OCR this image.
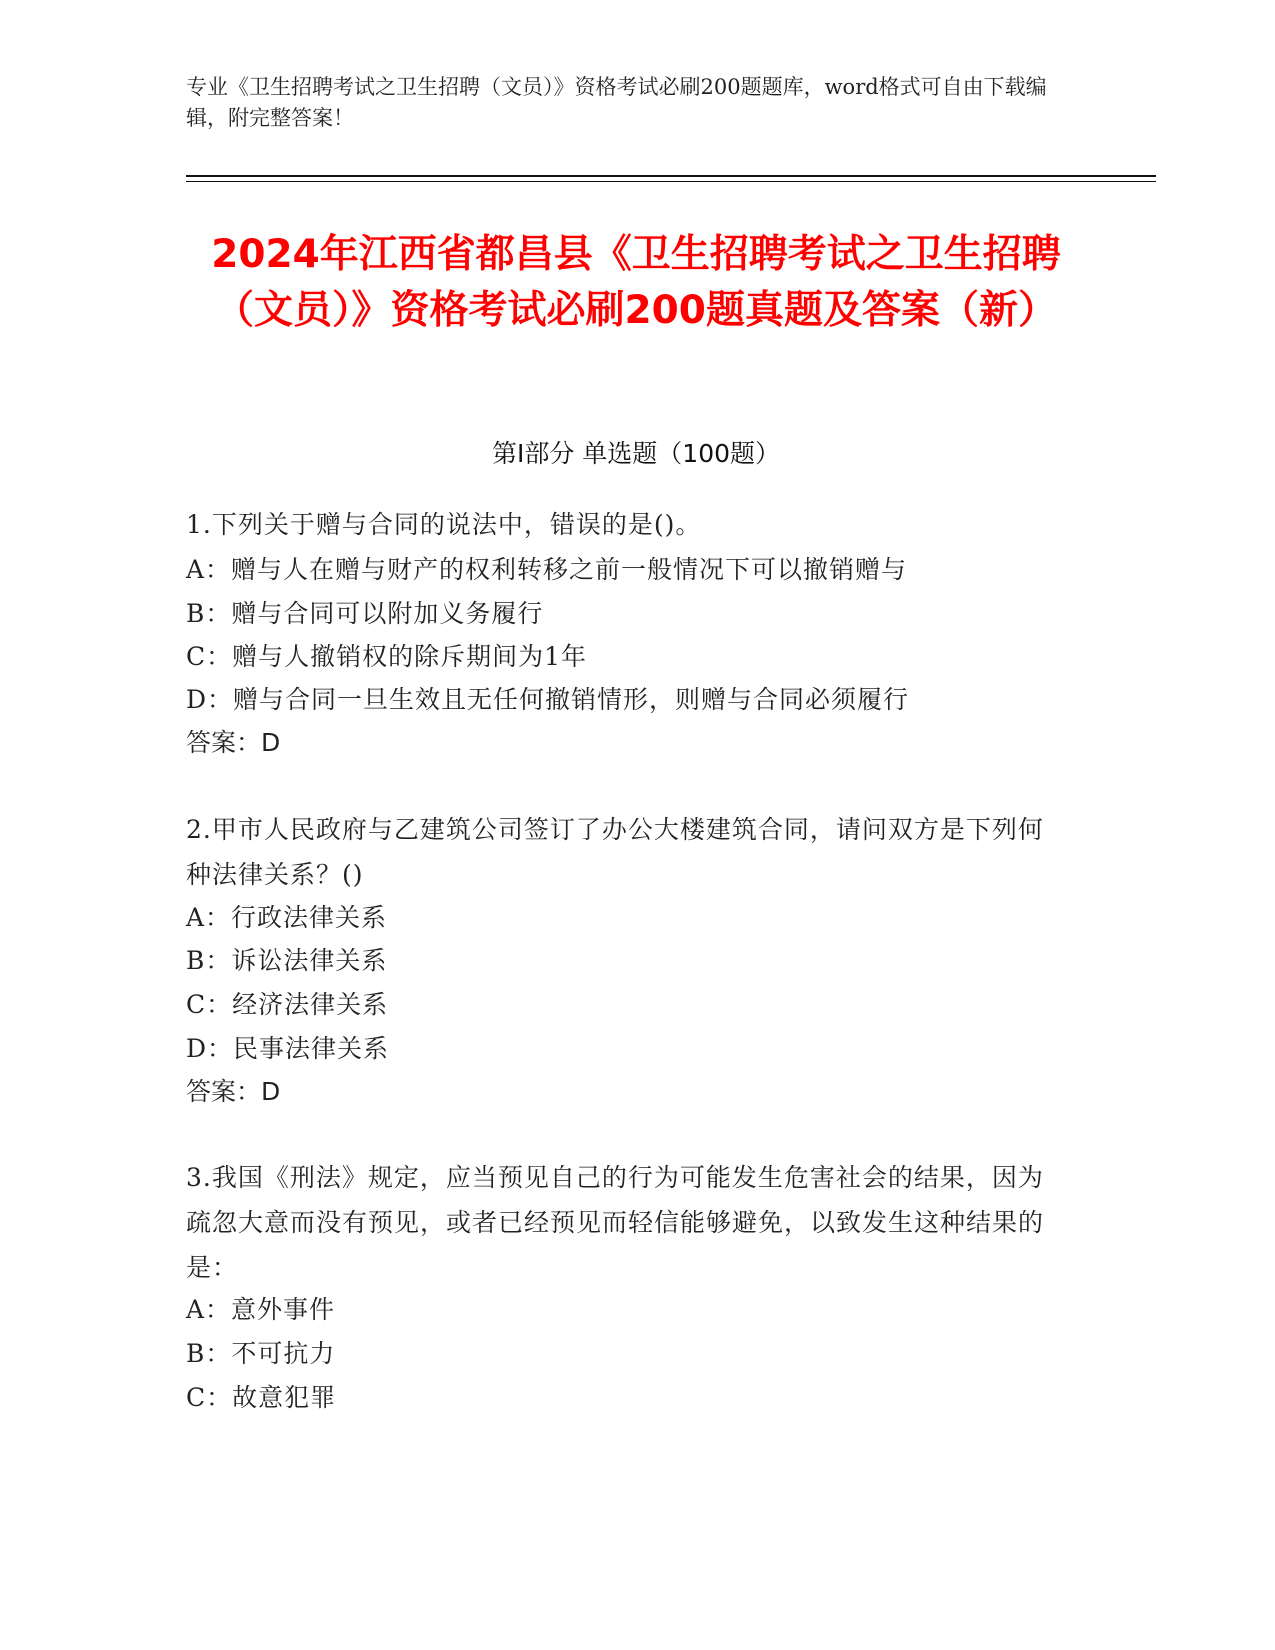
专业《卫生招聘考试之卫生招聘（文员）》资格考试必刷200题题库，word格式可自由下载编辑，附完整答案！
2024年江西省都昌县《卫生招聘考试之卫生招聘（文员）》资格考试必刷200题真题及答案（新）
第I部分 单选题（100题）
1.下列关于赠与合同的说法中，错误的是()。
A：赠与人在赠与财产的权利转移之前一般情况下可以撤销赠与
B：赠与合同可以附加义务履行
C：赠与人撤销权的除斥期间为1年
D：赠与合同一旦生效且无任何撤销情形，则赠与合同必须履行
答案：D
2.甲市人民政府与乙建筑公司签订了办公大楼建筑合同，请问双方是下列何种法律关系？()
A：行政法律关系
B：诉讼法律关系
C：经济法律关系
D：民事法律关系
答案：D
3.我国《刑法》规定，应当预见自己的行为可能发生危害社会的结果，因为疏忽大意而没有预见，或者已经预见而轻信能够避免，以致发生这种结果的是：
A：意外事件
B：不可抗力
C：故意犯罪
